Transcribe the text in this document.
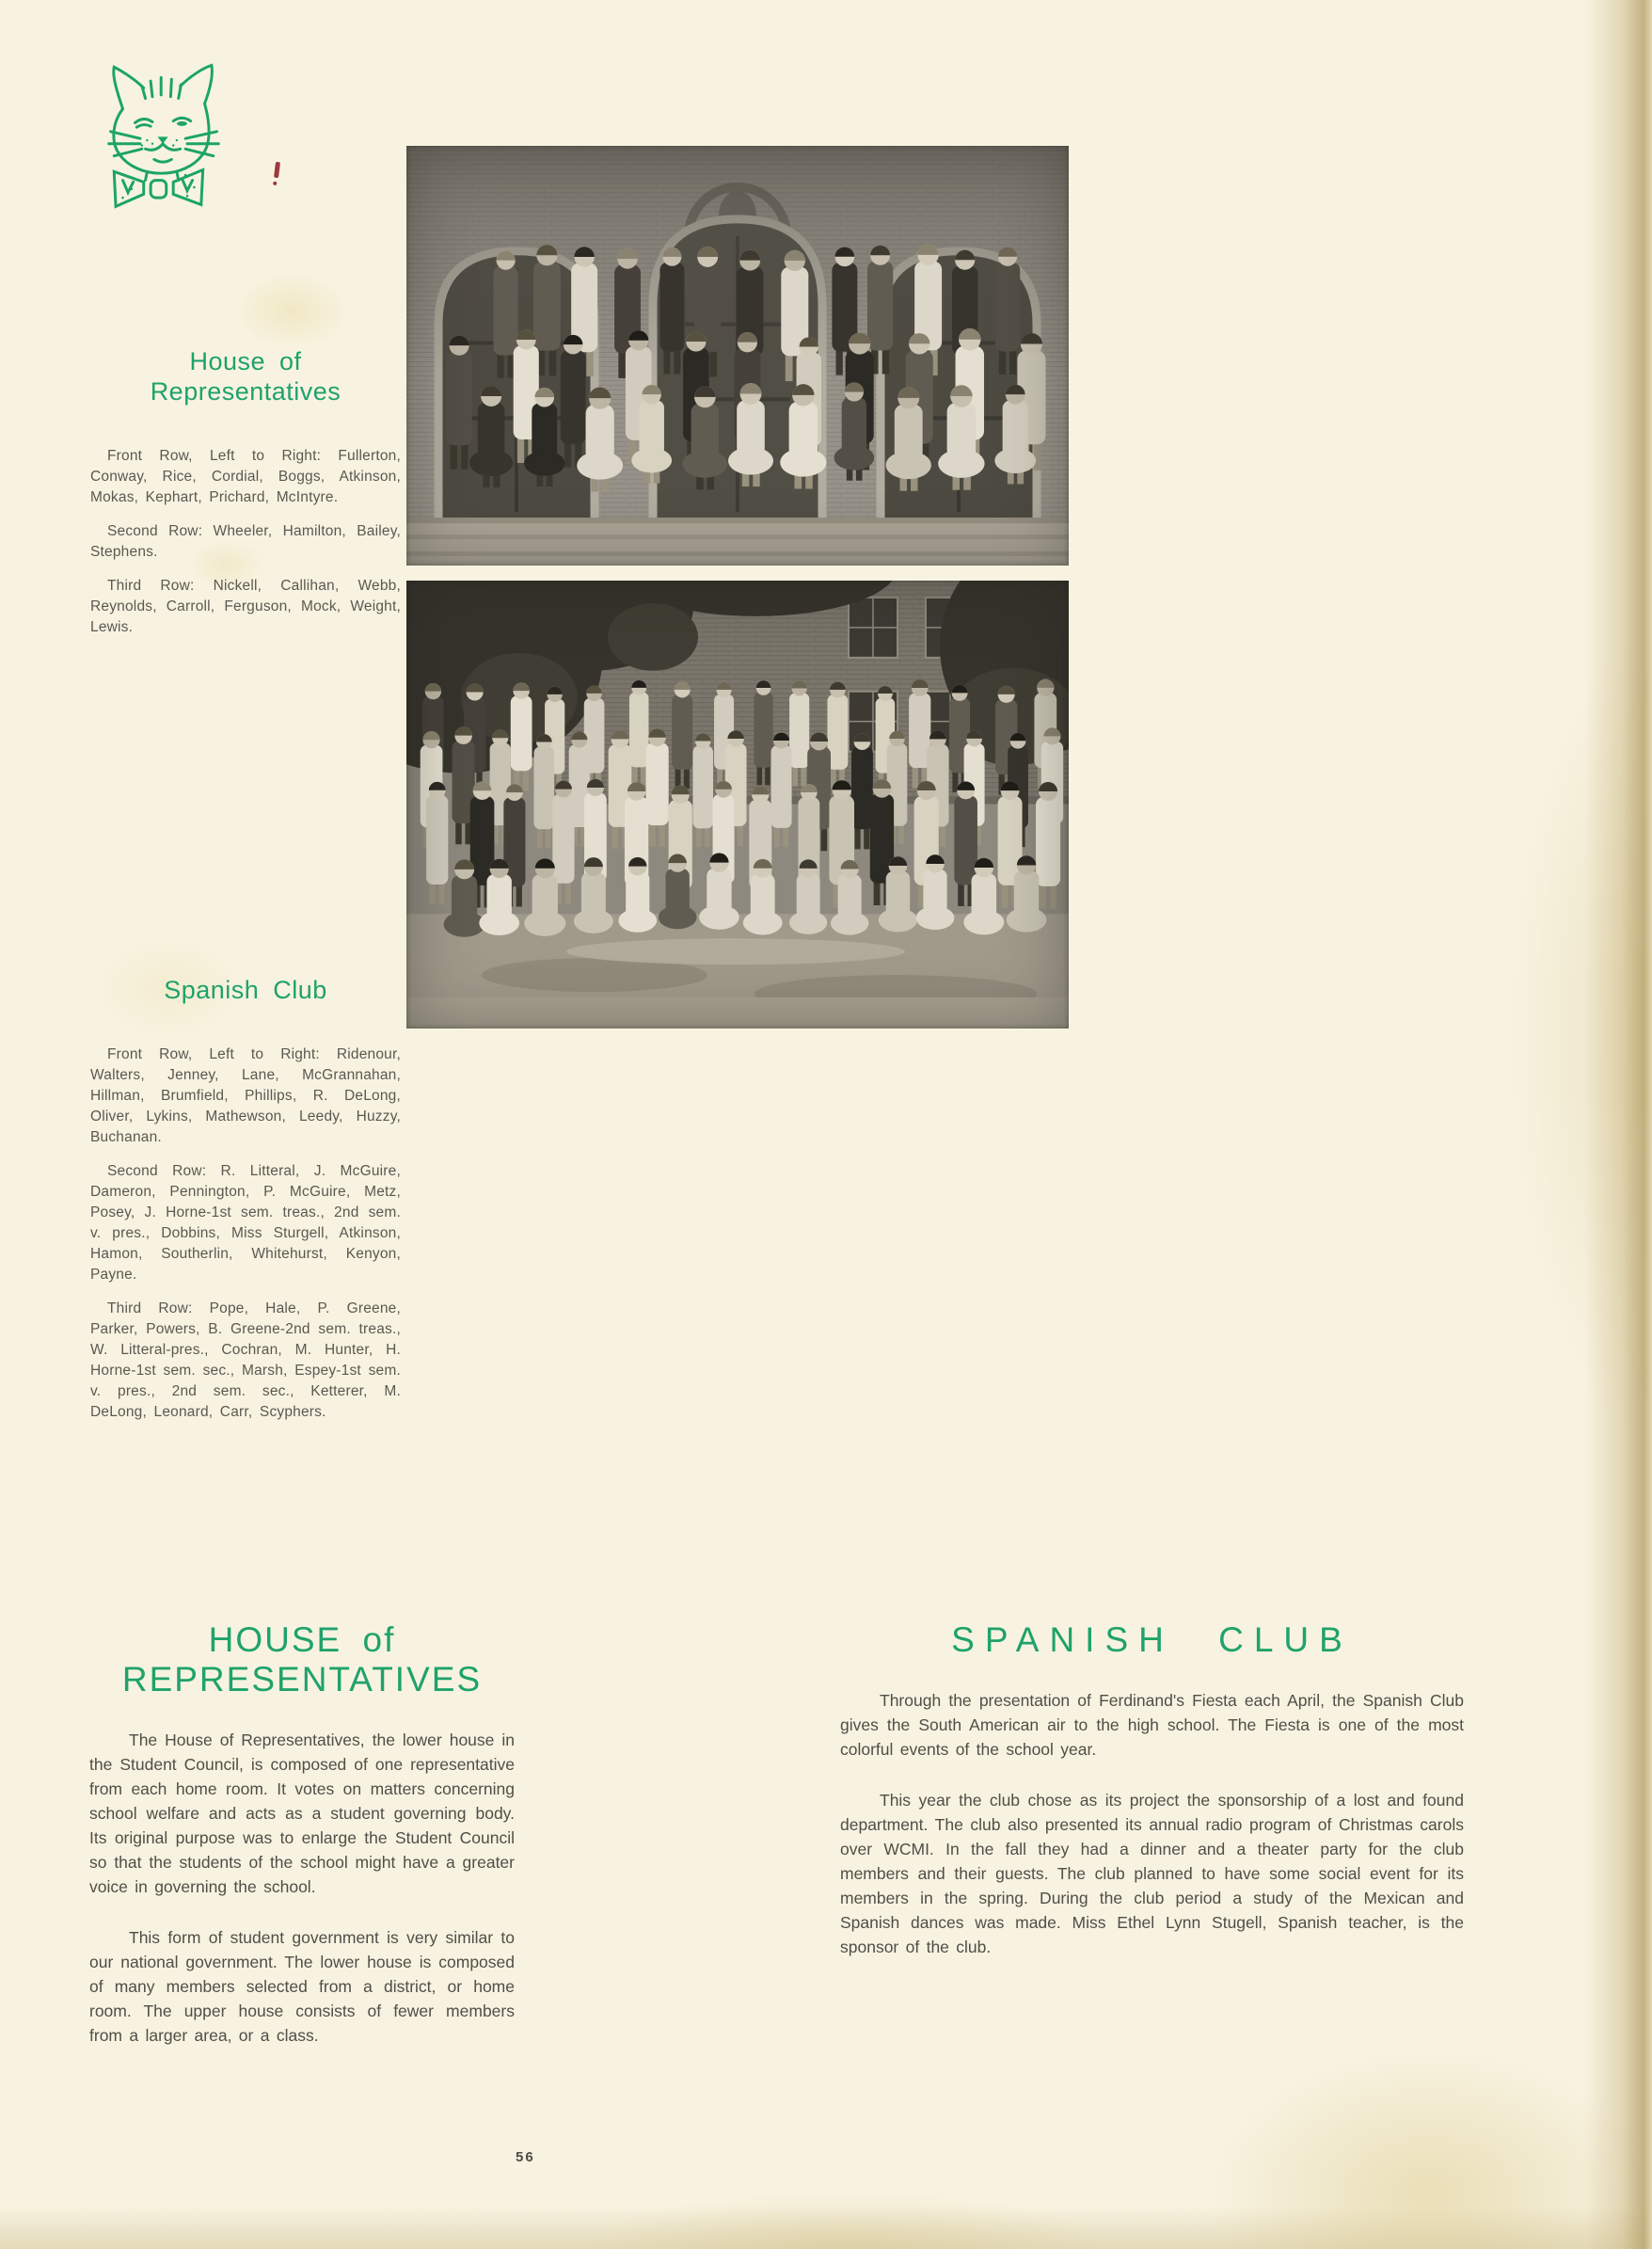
House of Representatives

Front Row, Left to Right: Fullerton, Conway, Rice, Cordial, Boggs, Atkinson, Mokas, Kephart, Prichard, McIntyre.

Second Row: Wheeler, Hamilton, Bailey, Stephens.

Third Row: Nickell, Callihan, Webb, Reynolds, Carroll, Ferguson, Mock, Weight, Lewis.

Spanish Club

Front Row, Left to Right: Ridenour, Walters, Jenney, Lane, McGrannahan, Hillman, Brumfield, Phillips, R. DeLong, Oliver, Lykins, Mathewson, Leedy, Huzzy, Buchanan.

Second Row: R. Litteral, J. McGuire, Dameron, Pennington, P. McGuire, Metz, Posey, J. Horne-1st sem. treas., 2nd sem. v. pres., Dobbins, Miss Sturgell, Atkinson, Hamon, Southerlin, Whitehurst, Kenyon, Payne.

Third Row: Pope, Hale, P. Greene, Parker, Powers, B. Greene-2nd sem. treas., W. Litteral-pres., Cochran, M. Hunter, H. Horne-1st sem. sec., Marsh, Espey-1st sem. v. pres., 2nd sem. sec., Ketterer, M. DeLong, Leonard, Carr, Scyphers.

HOUSE of REPRESENTATIVES

The House of Representatives, the lower house in the Student Council, is composed of one representative from each home room. It votes on matters concerning school welfare and acts as a student governing body. Its original purpose was to enlarge the Student Council so that the students of the school might have a greater voice in governing the school.

This form of student government is very similar to our national government. The lower house is composed of many members selected from a district, or home room. The upper house consists of fewer members from a larger area, or a class.

SPANISH CLUB

Through the presentation of Ferdinand's Fiesta each April, the Spanish Club gives the South American air to the high school. The Fiesta is one of the most colorful events of the school year.

This year the club chose as its project the sponsorship of a lost and found department. The club also presented its annual radio program of Christmas carols over WCMI. In the fall they had a dinner and a theater party for the club members and their guests. The club planned to have some social event for its members in the spring. During the club period a study of the Mexican and Spanish dances was made. Miss Ethel Lynn Stugell, Spanish teacher, is the sponsor of the club.

56
